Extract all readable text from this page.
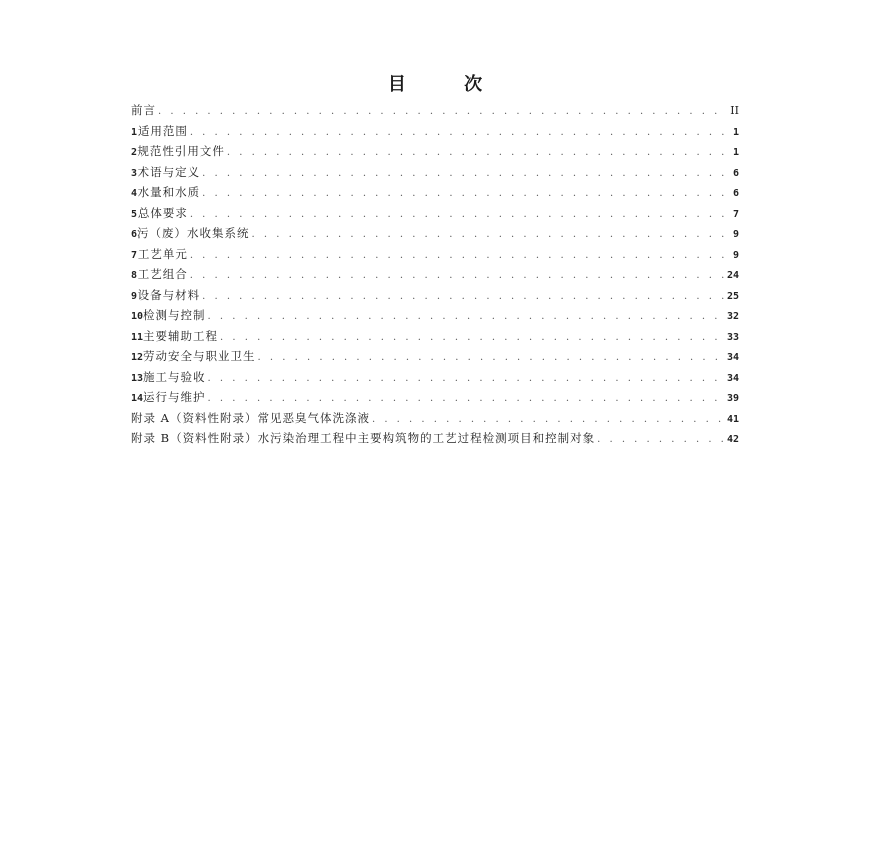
目 次
前言 . . .	II
1 适用范围 . . .	1
2 规范性引用文件 . . .	1
3 术语与定义 . . .	6
4 水量和水质 . . .	6
5 总体要求 . . .	7
6 污（废）水收集系统 . . .	9
7 工艺单元 . . .	9
8 工艺组合 . . .	24
9 设备与材料 . . .	25
10 检测与控制 . . .	32
11 主要辅助工程 . . .	33
12 劳动安全与职业卫生 . . .	34
13 施工与验收 . . .	34
14 运行与维护 . . .	39
附录 A（资料性附录） 常见恶臭气体洗涤液 . . .	41
附录 B（资料性附录） 水污染治理工程中主要构筑物的工艺过程检测项目和控制对象 . . .	42
